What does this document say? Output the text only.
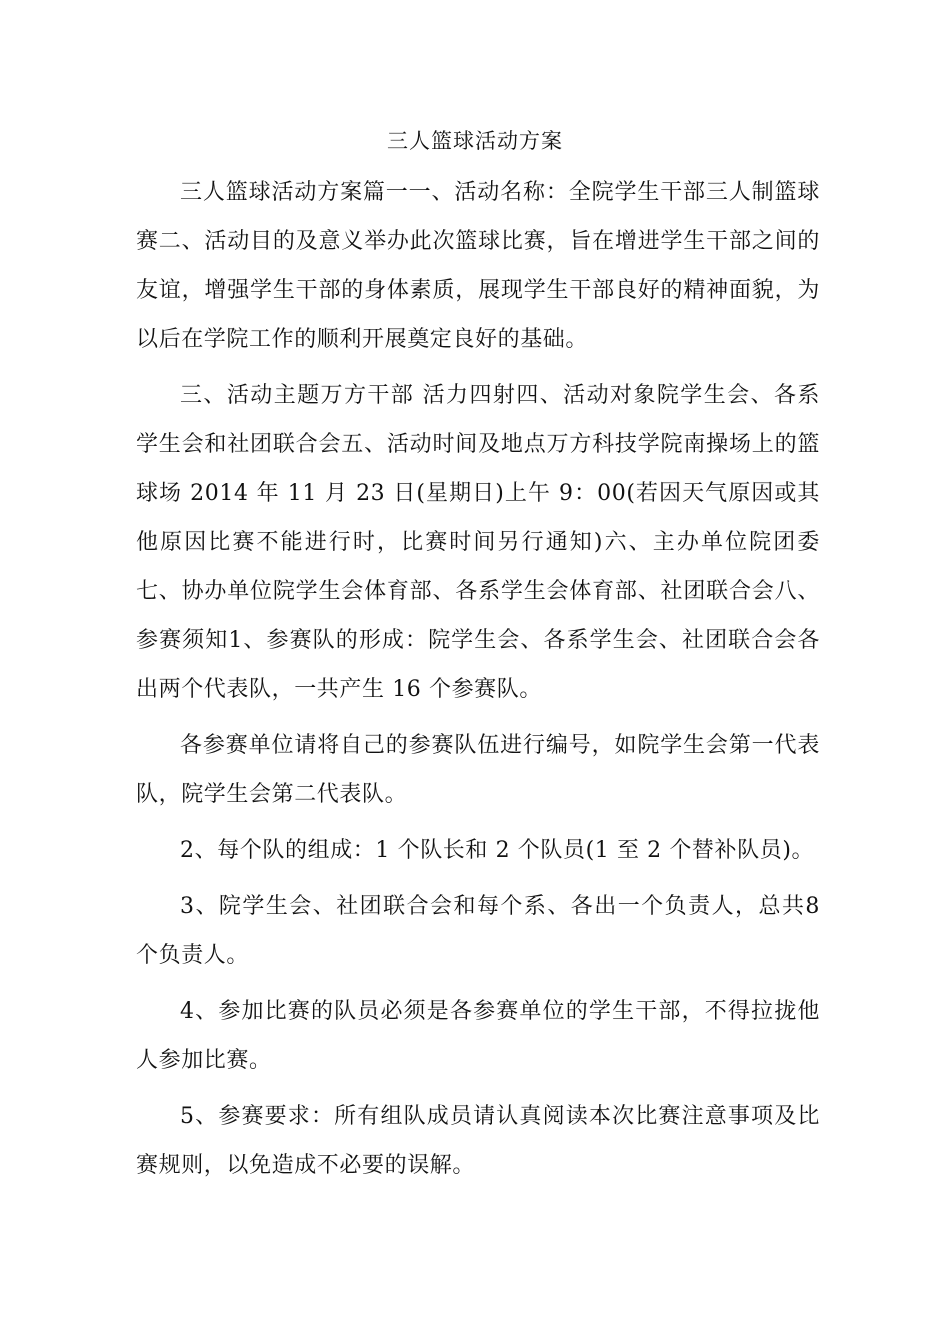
三人篮球活动方案

三人篮球活动方案篇一一、活动名称：全院学生干部三人制篮球赛二、活动目的及意义举办此次篮球比赛，旨在增进学生干部之间的友谊，增强学生干部的身体素质，展现学生干部良好的精神面貌，为以后在学院工作的顺利开展奠定良好的基础。

三、活动主题万方干部 活力四射四、活动对象院学生会、各系学生会和社团联合会五、活动时间及地点万方科技学院南操场上的篮球场 2014 年 11 月 23 日(星期日)上午 9：00(若因天气原因或其他原因比赛不能进行时，比赛时间另行通知)六、主办单位院团委七、协办单位院学生会体育部、各系学生会体育部、社团联合会八、参赛须知1、参赛队的形成：院学生会、各系学生会、社团联合会各出两个代表队，一共产生 16 个参赛队。

各参赛单位请将自己的参赛队伍进行编号，如院学生会第一代表队，院学生会第二代表队。

2、每个队的组成：1 个队长和 2 个队员(1 至 2 个替补队员)。

3、院学生会、社团联合会和每个系、各出一个负责人，总共8 个负责人。

4、参加比赛的队员必须是各参赛单位的学生干部，不得拉拢他人参加比赛。

5、参赛要求：所有组队成员请认真阅读本次比赛注意事项及比赛规则，以免造成不必要的误解。
